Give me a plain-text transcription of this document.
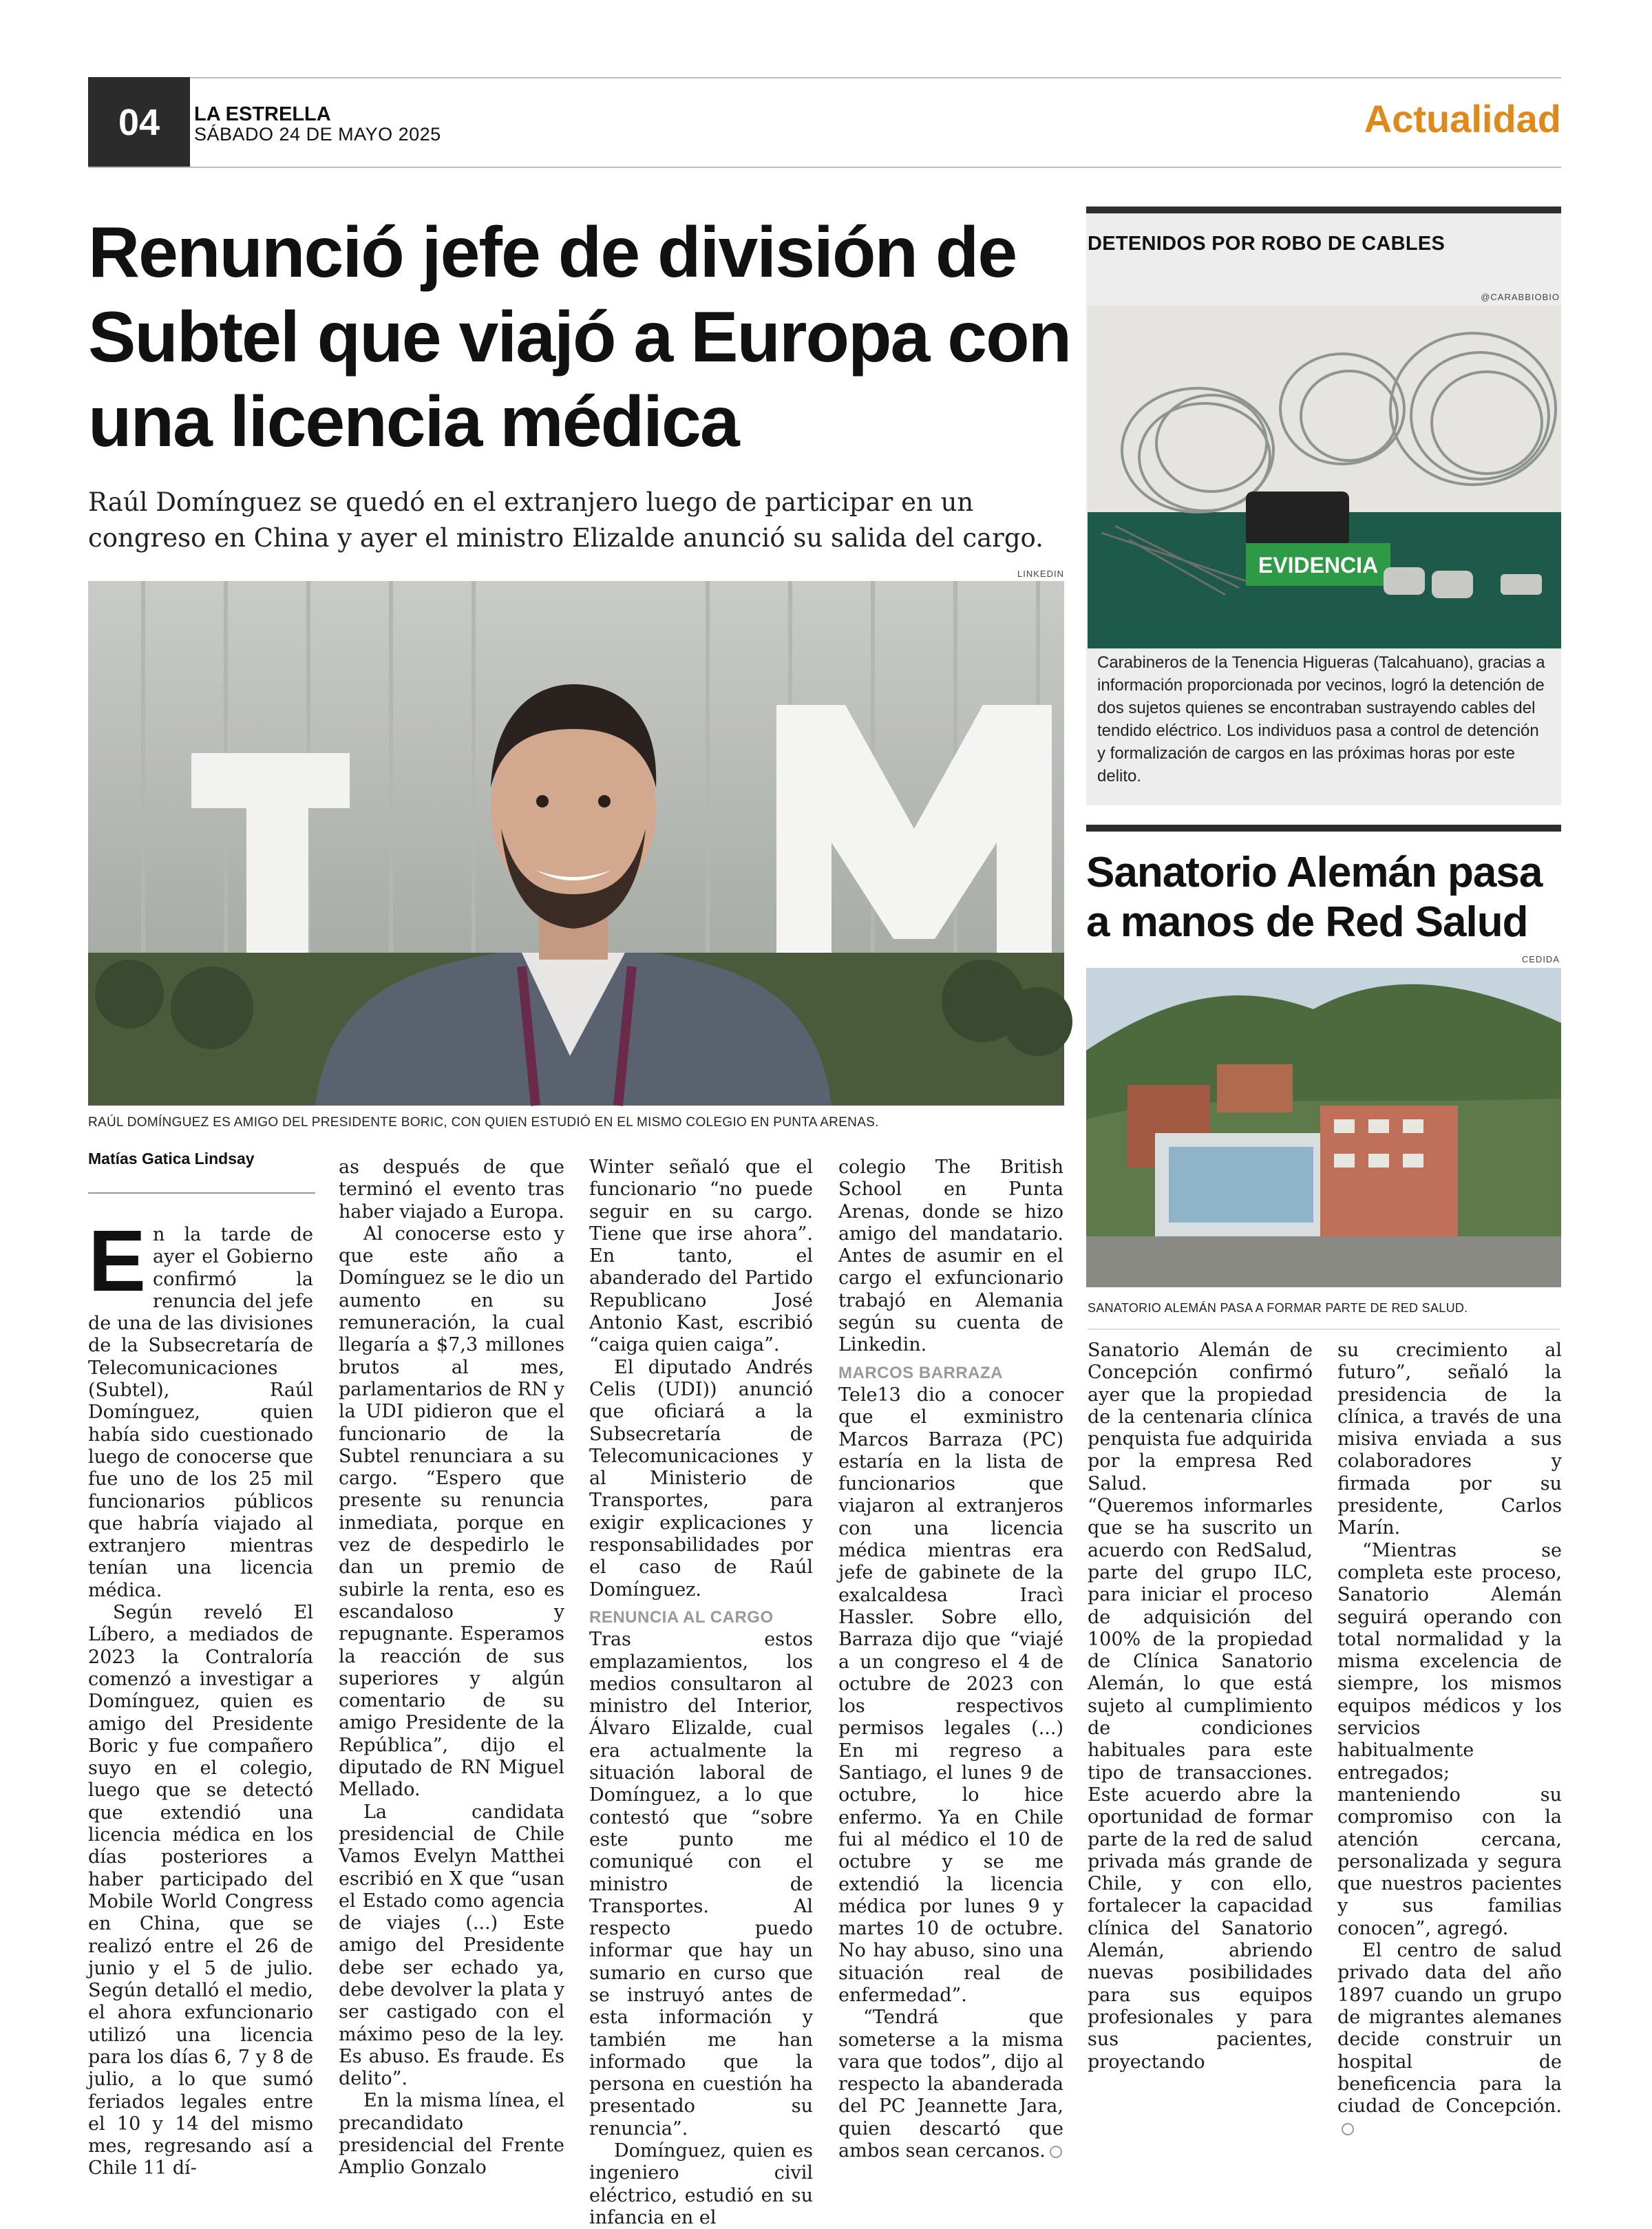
04	LA ESTRELLA
SÁBADO 24 DE MAYO 2025	Actualidad
Renunció jefe de división de Subtel que viajó a Europa con una licencia médica

Raúl Domínguez se quedó en el extranjero luego de participar en un congreso en China y ayer el ministro Elizalde anunció su salida del cargo.

LINKEDIN
RAÚL DOMÍNGUEZ ES AMIGO DEL PRESIDENTE BORIC, CON QUIEN ESTUDIÓ EN EL MISMO COLEGIO EN PUNTA ARENAS.
Matías Gatica Lindsay

En la tarde de ayer el Gobierno confirmó la renuncia del jefe de una de las divisiones de la Subsecretaría de Telecomunicaciones (Subtel), Raúl Domínguez, quien había sido cuestionado luego de conocerse que fue uno de los 25 mil funcionarios públicos que habría viajado al extranjero mientras tenían una licencia médica.

Según reveló El Líbero, a mediados de 2023 la Contraloría comenzó a investigar a Domínguez, quien es amigo del Presidente Boric y fue compañero suyo en el colegio, luego que se detectó que extendió una licencia médica en los días posteriores a haber participado del Mobile World Congress en China, que se realizó entre el 26 de junio y el 5 de julio. Según detalló el medio, el ahora exfuncionario utilizó una licencia para los días 6, 7 y 8 de julio, a lo que sumó feriados legales entre el 10 y 14 del mismo mes, regresando así a Chile 11 dí-

as después de que terminó el evento tras haber viajado a Europa.

Al conocerse esto y que este año a Domínguez se le dio un aumento en su remuneración, la cual llegaría a $7,3 millones brutos al mes, parlamentarios de RN y la UDI pidieron que el funcionario de la Subtel renunciara a su cargo. “Espero que presente su renuncia inmediata, porque en vez de despedirlo le dan un premio de subirle la renta, eso es escandaloso y repugnante. Esperamos la reacción de sus superiores y algún comentario de su amigo Presidente de la República”, dijo el diputado de RN Miguel Mellado.

La candidata presidencial de Chile Vamos Evelyn Matthei escribió en X que “usan el Estado como agencia de viajes (...) Este amigo del Presidente debe ser echado ya, debe devolver la plata y ser castigado con el máximo peso de la ley. Es abuso. Es fraude. Es delito”.

En la misma línea, el precandidato presidencial del Frente Amplio Gonzalo

Winter señaló que el funcionario “no puede seguir en su cargo. Tiene que irse ahora”. En tanto, el abanderado del Partido Republicano José Antonio Kast, escribió “caiga quien caiga”.

El diputado Andrés Celis (UDI)) anunció que oficiará a la Subsecretaría de Telecomunicaciones y al Ministerio de Transportes, para exigir explicaciones y responsabilidades por el caso de Raúl Domínguez.

RENUNCIA AL CARGO

Tras estos emplazamientos, los medios consultaron al ministro del Interior, Álvaro Elizalde, cual era actualmente la situación laboral de Domínguez, a lo que contestó que “sobre este punto me comuniqué con el ministro de Transportes. Al respecto puedo informar que hay un sumario en curso que se instruyó antes de esta información y también me han informado que la persona en cuestión ha presentado su renuncia”.

Domínguez, quien es ingeniero civil eléctrico, estudió en su infancia en el

colegio The British School en Punta Arenas, donde se hizo amigo del mandatario. Antes de asumir en el cargo el exfuncionario trabajó en Alemania según su cuenta de Linkedin.

MARCOS BARRAZA

Tele13 dio a conocer que el exministro Marcos Barraza (PC) estaría en la lista de funcionarios que viajaron al extranjeros con una licencia médica mientras era jefe de gabinete de la exalcaldesa Iracì Hassler. Sobre ello, Barraza dijo que “viajé a un congreso el 4 de octubre de 2023 con los respectivos permisos legales (...) En mi regreso a Santiago, el lunes 9 de octubre, lo hice enfermo. Ya en Chile fui al médico el 10 de octubre y se me extendió la licencia médica por lunes 9 y martes 10 de octubre. No hay abuso, sino una situación real de enfermedad”.

“Tendrá que someterse a la misma vara que todos”, dijo al respecto la abanderada del PC Jeannette Jara, quien descartó que ambos sean cercanos.

DETENIDOS POR ROBO DE CABLES
@CARABBIOBIO
EVIDENCIA
Carabineros de la Tenencia Higueras (Talcahuano), gracias a información proporcionada por vecinos, logró la detención de dos sujetos quienes se encontraban sustrayendo cables del tendido eléctrico. Los individuos pasa a control de detención y formalización de cargos en las próximas horas por este delito.
Sanatorio Alemán pasa a manos de Red Salud
CEDIDA
SANATORIO ALEMÁN PASA A FORMAR PARTE DE RED SALUD.

Sanatorio Alemán de Concepción confirmó ayer que la propiedad de la centenaria clínica penquista fue adquirida por la empresa Red Salud.

“Queremos informarles que se ha suscrito un acuerdo con RedSalud, parte del grupo ILC, para iniciar el proceso de adquisición del 100% de la propiedad de Clínica Sanatorio Alemán, lo que está sujeto al cumplimiento de condiciones habituales para este tipo de transacciones. Este acuerdo abre la oportunidad de formar parte de la red de salud privada más grande de Chile, y con ello, fortalecer la capacidad clínica del Sanatorio Alemán, abriendo nuevas posibilidades para sus equipos profesionales y para sus pacientes, proyectando

su crecimiento al futuro”, señaló la presidencia de la clínica, a través de una misiva enviada a sus colaboradores y firmada por su presidente, Carlos Marín.

“Mientras se completa este proceso, Sanatorio Alemán seguirá operando con total normalidad y la misma excelencia de siempre, los mismos equipos médicos y los servicios habitualmente entregados; manteniendo su compromiso con la atención cercana, personalizada y segura que nuestros pacientes y sus familias conocen”, agregó.

El centro de salud privado data del año 1897 cuando un grupo de migrantes alemanes decide construir un hospital de beneficencia para la ciudad de Concepción.
